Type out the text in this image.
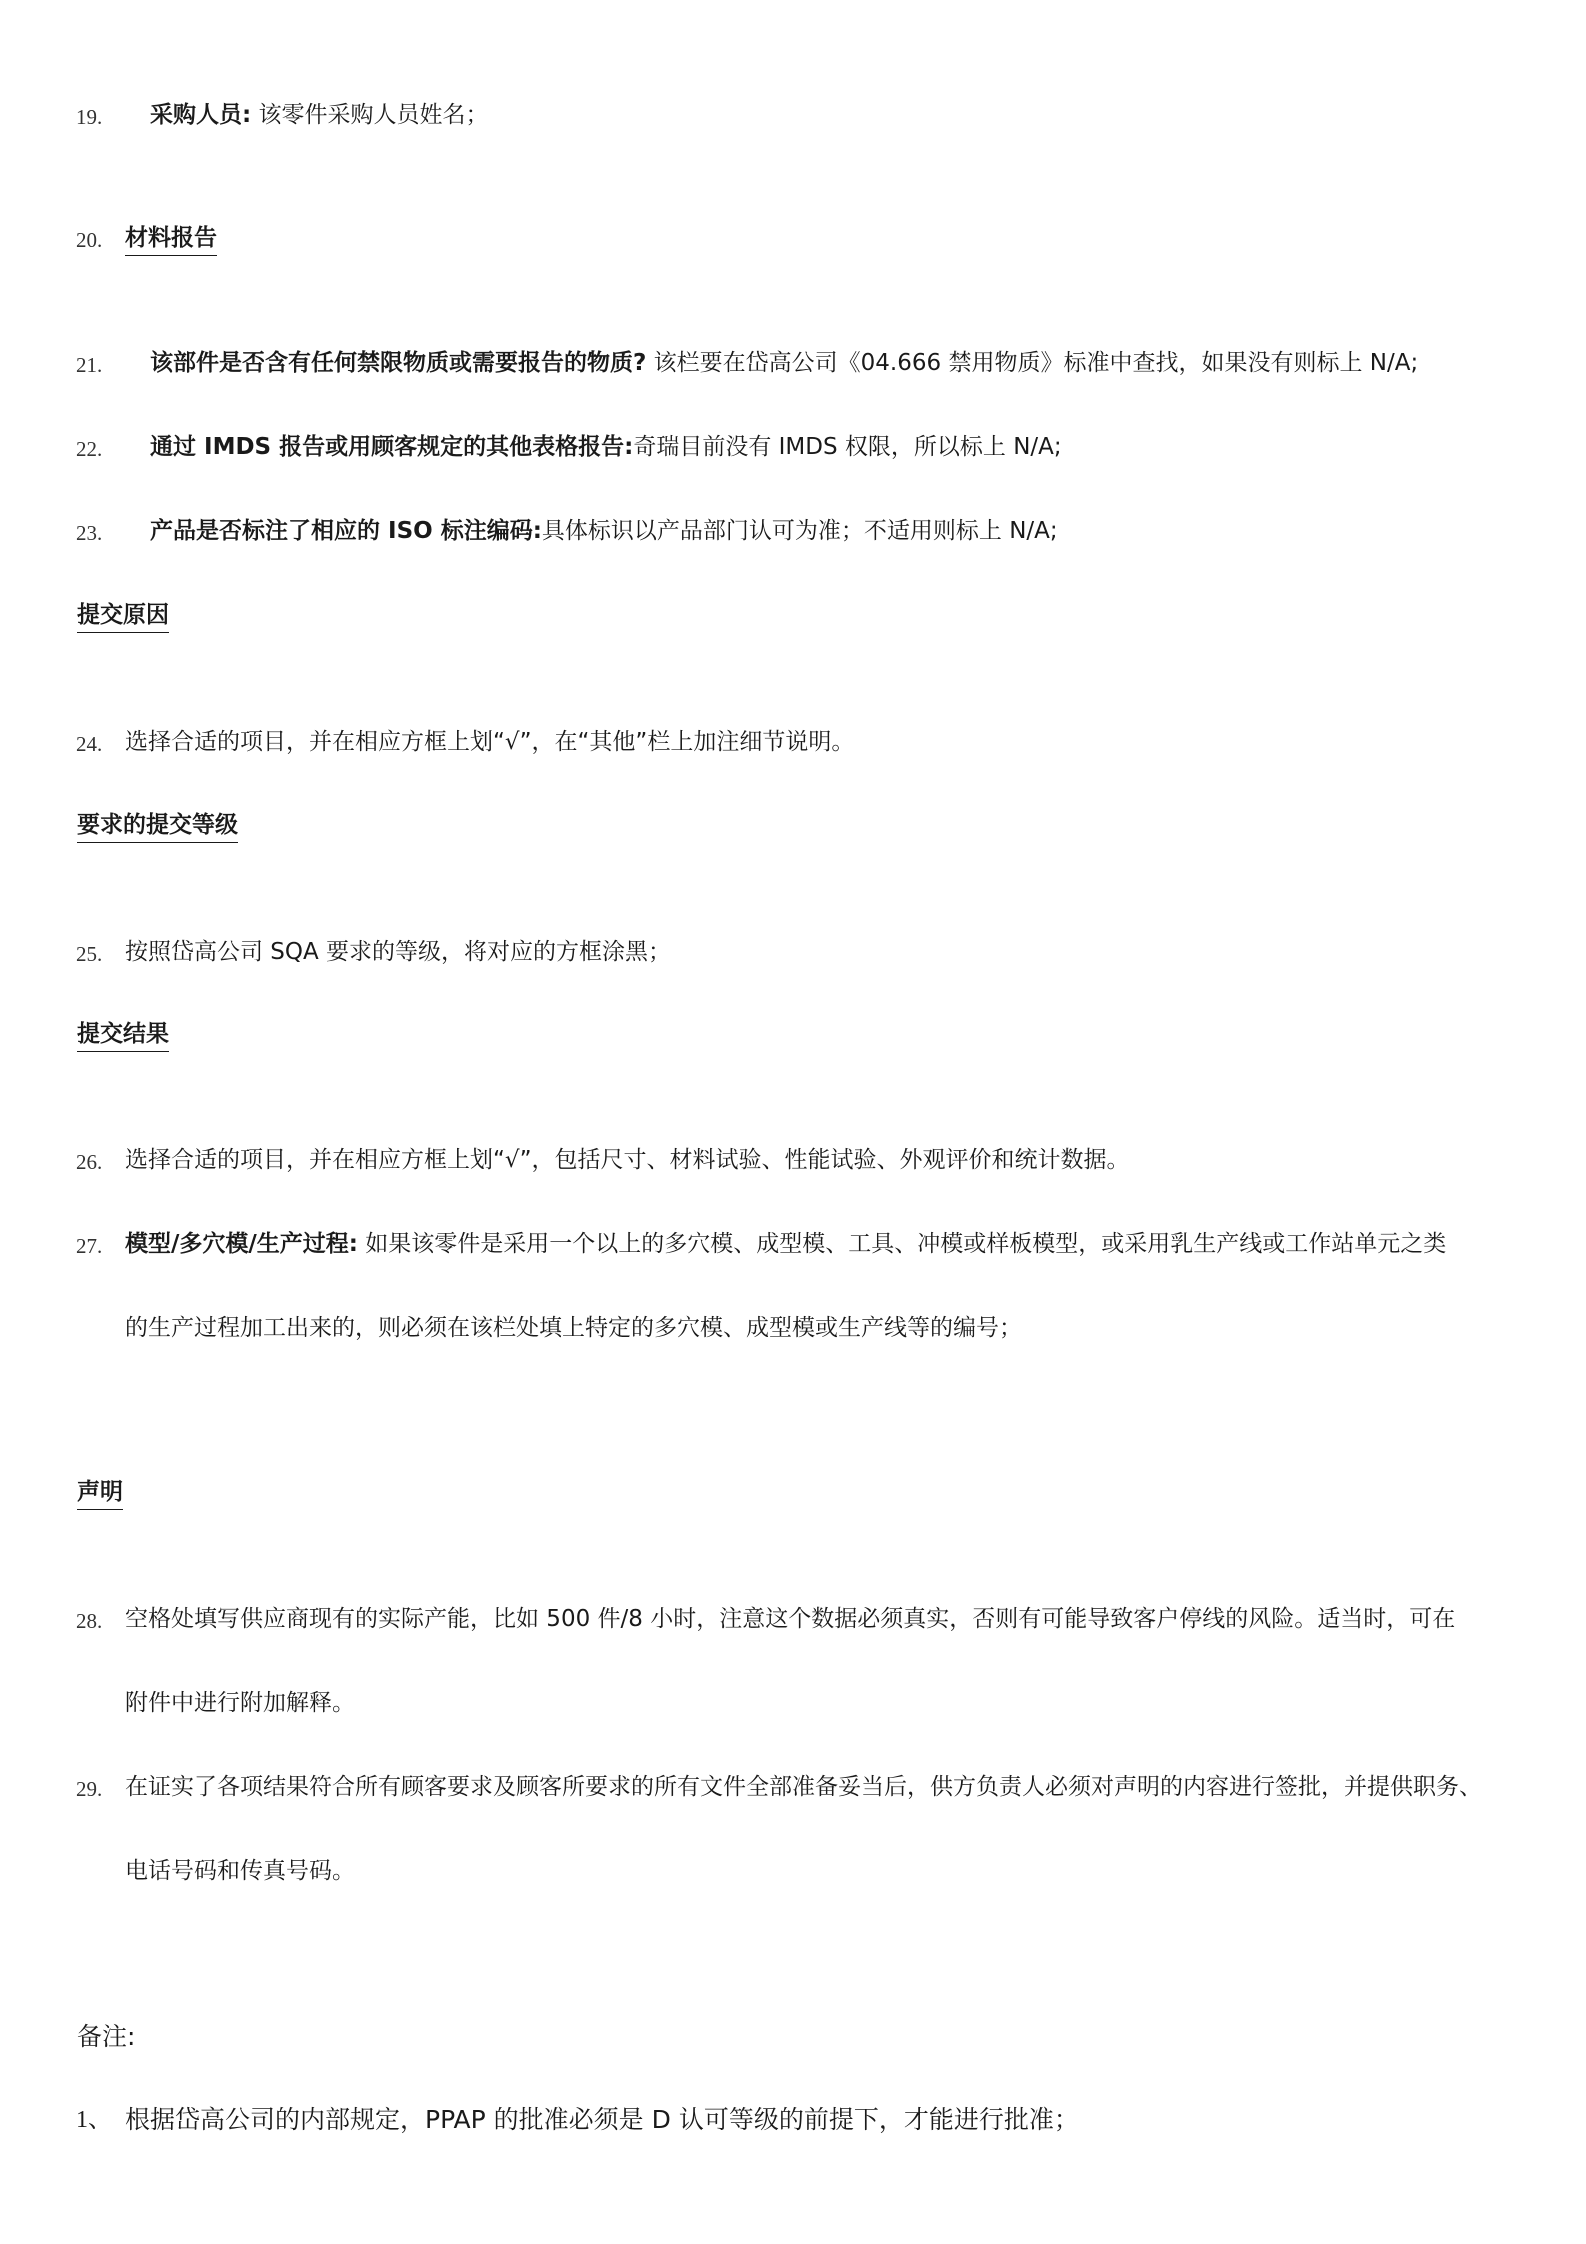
19. 采购人员: 该零件采购人员姓名；
20. 材料报告
21. 该部件是否含有任何禁限物质或需要报告的物质? 该栏要在岱高公司《04.666 禁用物质》标准中查找，如果没有则标上 N/A;
22. 通过 IMDS 报告或用顾客规定的其他表格报告:奇瑞目前没有 IMDS 权限，所以标上 N/A;
23. 产品是否标注了相应的 ISO 标注编码:具体标识以产品部门认可为准；不适用则标上 N/A;
提交原因
24. 选择合适的项目，并在相应方框上划“√”，在“其他”栏上加注细节说明。
要求的提交等级
25. 按照岱高公司 SQA 要求的等级，将对应的方框涂黑；
提交结果
26. 选择合适的项目，并在相应方框上划“√”，包括尺寸、材料试验、性能试验、外观评价和统计数据。
27. 模型/多穴模/生产过程: 如果该零件是采用一个以上的多穴模、成型模、工具、冲模或样板模型，或采用乳生产线或工作站单元之类
的生产过程加工出来的，则必须在该栏处填上特定的多穴模、成型模或生产线等的编号；
声明
28. 空格处填写供应商现有的实际产能，比如 500 件/8 小时，注意这个数据必须真实，否则有可能导致客户停线的风险。适当时，可在
附件中进行附加解释。
29. 在证实了各项结果符合所有顾客要求及顾客所要求的所有文件全部准备妥当后，供方负责人必须对声明的内容进行签批，并提供职务、
电话号码和传真号码。
备注:
1、 根据岱高公司的内部规定，PPAP 的批准必须是 D 认可等级的前提下，才能进行批准；
